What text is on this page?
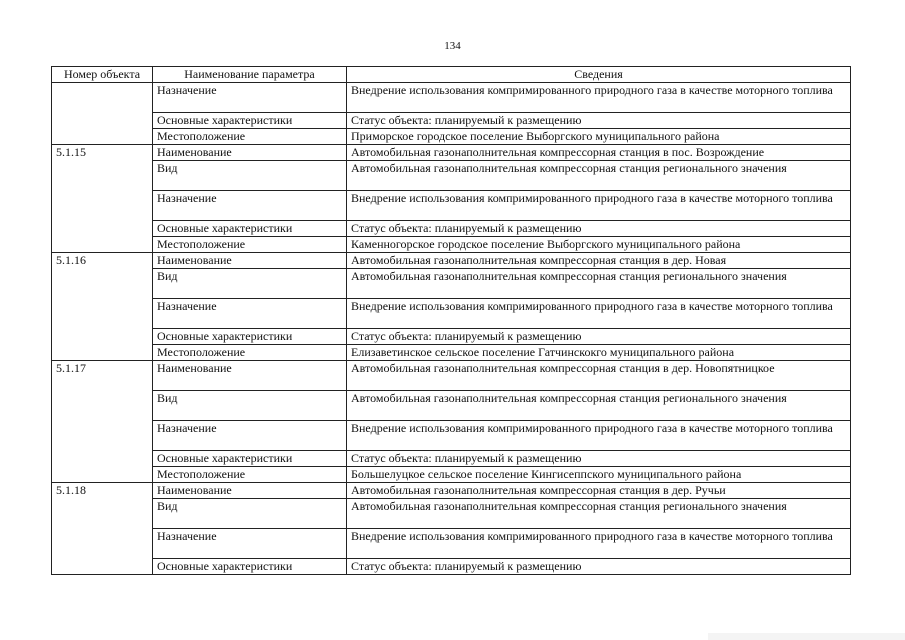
134
Номер объекта	Наименование параметра	Сведения
	Назначение	Внедрение использования компримированного природного газа в качестве моторного топлива
	Основные характеристики	Статус объекта: планируемый к размещению
	Местоположение	Приморское городское поселение Выборгского муниципального района
5.1.15	Наименование	Автомобильная газонаполнительная компрессорная станция в пос. Возрождение
	Вид	Автомобильная газонаполнительная компрессорная станция регионального значения
	Назначение	Внедрение использования компримированного природного газа в качестве моторного топлива
	Основные характеристики	Статус объекта: планируемый к размещению
	Местоположение	Каменногорское городское поселение Выборгского муниципального района
5.1.16	Наименование	Автомобильная газонаполнительная компрессорная станция в дер. Новая
	Вид	Автомобильная газонаполнительная компрессорная станция регионального значения
	Назначение	Внедрение использования компримированного природного газа в качестве моторного топлива
	Основные характеристики	Статус объекта: планируемый к размещению
	Местоположение	Елизаветинское сельское поселение Гатчинскокго муниципального района
5.1.17	Наименование	Автомобильная газонаполнительная компрессорная станция в дер. Новопятницкое
	Вид	Автомобильная газонаполнительная компрессорная станция регионального значения
	Назначение	Внедрение использования компримированного природного газа в качестве моторного топлива
	Основные характеристики	Статус объекта: планируемый к размещению
	Местоположение	Большелуцкое сельское поселение Кингисеппского муниципального района
5.1.18	Наименование	Автомобильная газонаполнительная компрессорная станция в дер. Ручьи
	Вид	Автомобильная газонаполнительная компрессорная станция регионального значения
	Назначение	Внедрение использования компримированного природного газа в качестве моторного топлива
	Основные характеристики	Статус объекта: планируемый к размещению
